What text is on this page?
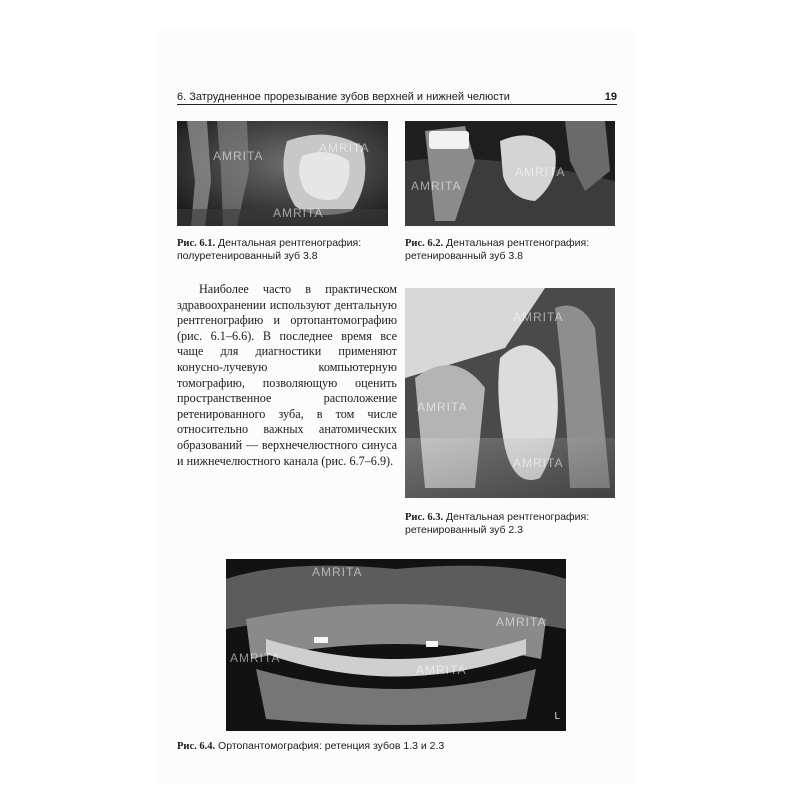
6. Затрудненное прорезывание зубов верхней и нижней челюсти	19
AMRITA
AMRITA
AMRITA
Рис. 6.1. Дентальная рентгенография: полуретенированный зуб 3.8
AMRITA
AMRITA
Рис. 6.2. Дентальная рентгенография: ретенированный зуб 3.8
Наиболее часто в практическом здравоохранении используют дентальную рентгенографию и ортопантомографию (рис. 6.1–6.6). В последнее время все чаще для диагностики применяют конусно-лучевую компьютерную томографию, позволяющую оценить пространственное расположение ретенированного зуба, в том числе относительно важных анатомических образований — верхнечелюстного синуса и нижнечелюстного канала (рис. 6.7–6.9).
AMRITA
AMRITA
AMRITA
Рис. 6.3. Дентальная рентгенография: ретенированный зуб 2.3
AMRITA
AMRITA
AMRITA
AMRITA
L
Рис. 6.4. Ортопантомография: ретенция зубов 1.3 и 2.3
